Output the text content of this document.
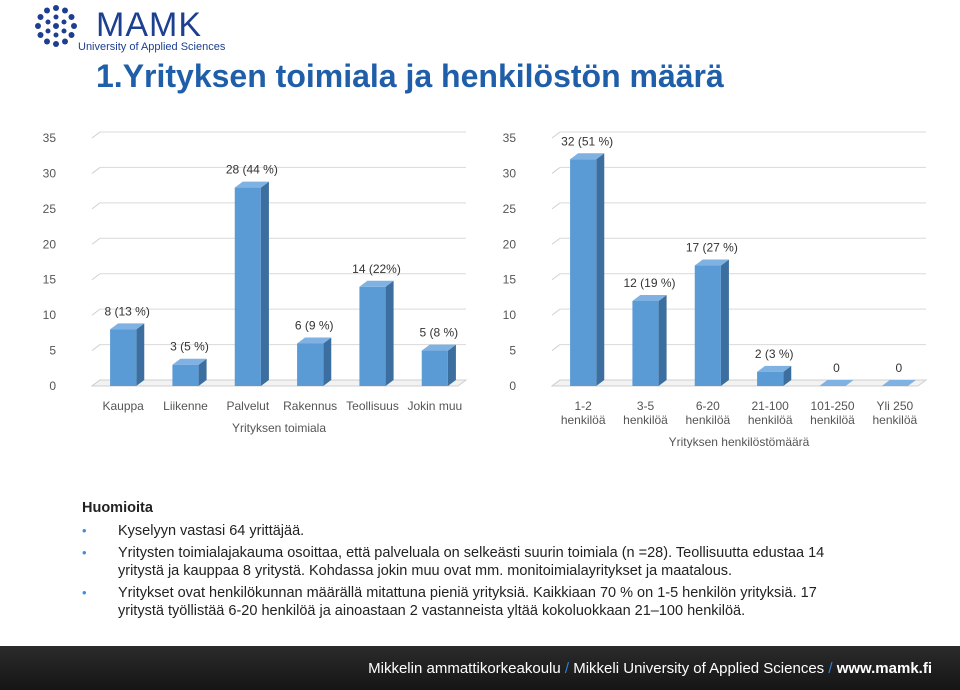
MAMK
University of Applied Sciences
1.Yrityksen toimiala ja henkilöstön määrä
0
5
10
15
20
25
30
35
8 (13 %)
Kauppa
3 (5 %)
Liikenne
28 (44 %)
Palvelut
6 (9 %)
Rakennus
14 (22%)
Teollisuus
5 (8 %)
Jokin muu
Yrityksen toimiala
0
5
10
15
20
25
30
35	32 (51 %)
1-2
henkilöä
12 (19 %)
3-5
henkilöä
17 (27 %)
6-20
henkilöä
2 (3 %)
21-100
henkilöä
0
101-250
henkilöä
0
Yli 250
henkilöä
Yrityksen henkilöstömäärä
Huomioita
• Kyselyyn vastasi 64 yrittäjää.
• Yritysten toimialajakauma osoittaa, että palveluala on selkeästi suurin toimiala (n =28). Teollisuutta edustaa 14 yritystä ja kauppaa 8 yritystä. Kohdassa jokin muu ovat mm. monitoimialayritykset ja maatalous.
• Yritykset ovat henkilökunnan määrällä mitattuna pieniä yrityksiä. Kaikkiaan 70 % on 1-5 henkilön yrityksiä. 17 yritystä työllistää 6-20 henkilöä ja ainoastaan 2 vastanneista yltää kokoluokkaan 21–100 henkilöä.
Mikkelin ammattikorkeakoulu / Mikkeli University of Applied Sciences / www.mamk.fi
